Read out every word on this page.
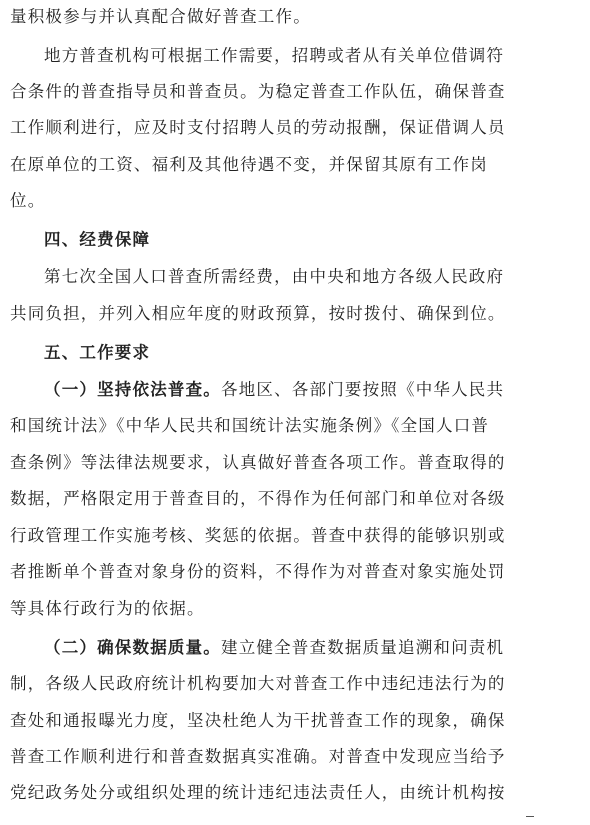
量积极参与并认真配合做好普查工作。
地方普查机构可根据工作需要，招聘或者从有关单位借调符
合条件的普查指导员和普查员。为稳定普查工作队伍，确保普查
工作顺利进行，应及时支付招聘人员的劳动报酬，保证借调人员
在原单位的工资、福利及其他待遇不变，并保留其原有工作岗
位。
四、经费保障
第七次全国人口普查所需经费，由中央和地方各级人民政府
共同负担，并列入相应年度的财政预算，按时拨付、确保到位。
五、工作要求
（一）坚持依法普查。各地区、各部门要按照《中华人民共
和国统计法》《中华人民共和国统计法实施条例》《全国人口普
查条例》等法律法规要求，认真做好普查各项工作。普查取得的
数据，严格限定用于普查目的，不得作为任何部门和单位对各级
行政管理工作实施考核、奖惩的依据。普查中获得的能够识别或
者推断单个普查对象身份的资料，不得作为对普查对象实施处罚
等具体行政行为的依据。
（二）确保数据质量。建立健全普查数据质量追溯和问责机
制，各级人民政府统计机构要加大对普查工作中违纪违法行为的
查处和通报曝光力度，坚决杜绝人为干扰普查工作的现象，确保
普查工作顺利进行和普查数据真实准确。对普查中发现应当给予
党纪政务处分或组织处理的统计违纪违法责任人，由统计机构按
